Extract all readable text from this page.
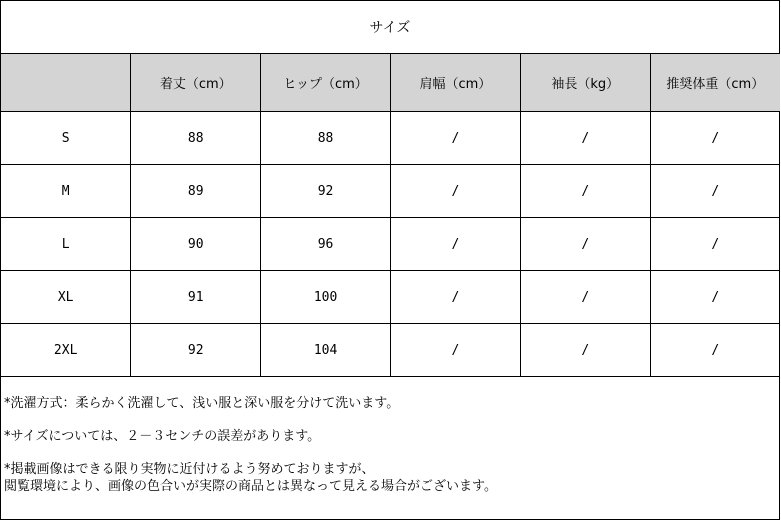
サイズ
	着丈（cm）	ヒップ（cm）	肩幅（cm）	袖長（kg）	推奨体重（cm）
S	88	88	/	/	/
M	89	92	/	/	/
L	90	96	/	/	/
XL	91	100	/	/	/
2XL	92	104	/	/	/

*洗濯方式：柔らかく洗濯して、浅い服と深い服を分けて洗います。

*サイズについては、２－３センチの誤差があります。

*掲載画像はできる限り実物に近付けるよう努めておりますが、
閲覧環境により、画像の色合いが実際の商品とは異なって見える場合がございます。
